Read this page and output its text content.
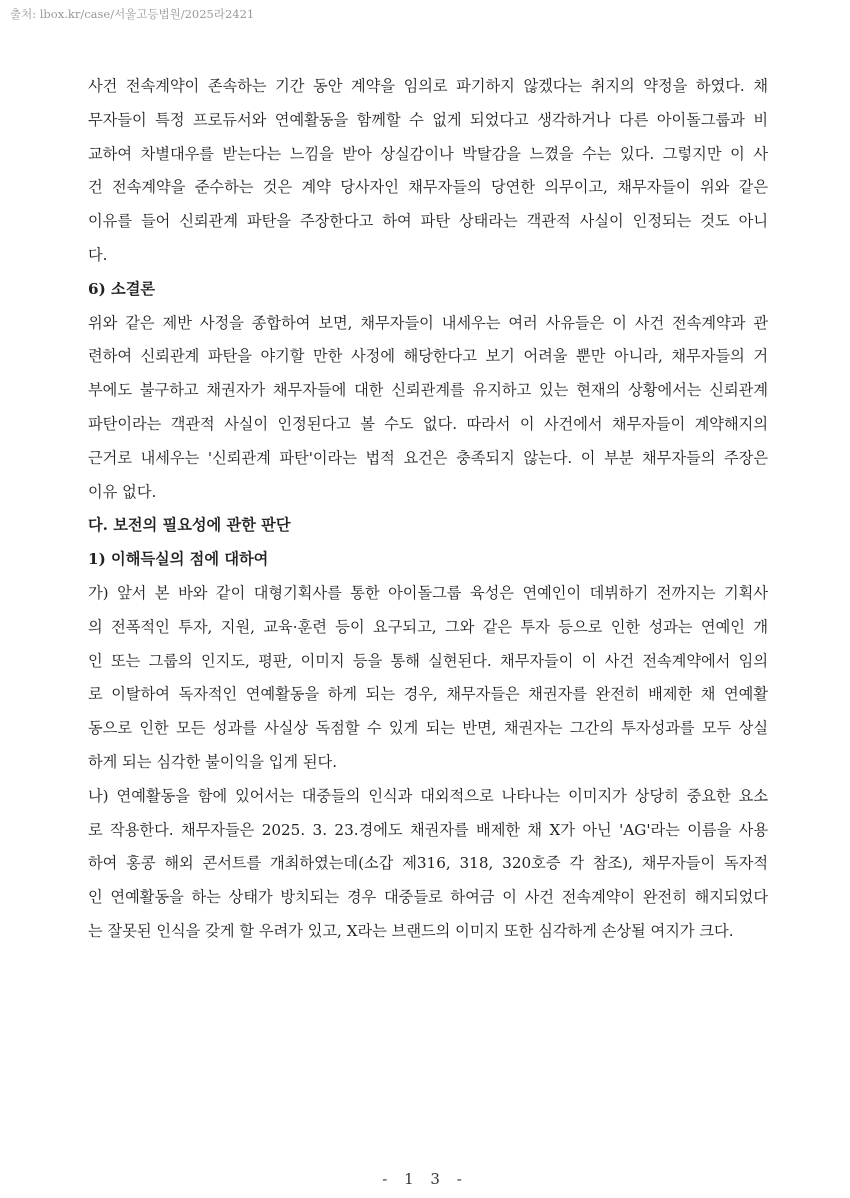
출처: lbox.kr/case/서울고등법원/2025라2421
사건 전속계약이 존속하는 기간 동안 계약을 임의로 파기하지 않겠다는 취지의 약정을 하였다. 채
무자들이 특정 프로듀서와 연예활동을 함께할 수 없게 되었다고 생각하거나 다른 아이돌그룹과 비
교하여 차별대우를 받는다는 느낌을 받아 상실감이나 박탈감을 느꼈을 수는 있다. 그렇지만 이 사
건 전속계약을 준수하는 것은 계약 당사자인 채무자들의 당연한 의무이고, 채무자들이 위와 같은
이유를 들어 신뢰관계 파탄을 주장한다고 하여 파탄 상태라는 객관적 사실이 인정되는 것도 아니
다.
6) 소결론
위와 같은 제반 사정을 종합하여 보면, 채무자들이 내세우는 여러 사유들은 이 사건 전속계약과 관
련하여 신뢰관계 파탄을 야기할 만한 사정에 해당한다고 보기 어려울 뿐만 아니라, 채무자들의 거
부에도 불구하고 채권자가 채무자들에 대한 신뢰관계를 유지하고 있는 현재의 상황에서는 신뢰관계
파탄이라는 객관적 사실이 인정된다고 볼 수도 없다. 따라서 이 사건에서 채무자들이 계약해지의
근거로 내세우는 '신뢰관계 파탄'이라는 법적 요건은 충족되지 않는다. 이 부분 채무자들의 주장은
이유 없다.
다. 보전의 필요성에 관한 판단
1) 이해득실의 점에 대하여
가) 앞서 본 바와 같이 대형기획사를 통한 아이돌그룹 육성은 연예인이 데뷔하기 전까지는 기획사
의 전폭적인 투자, 지원, 교육·훈련 등이 요구되고, 그와 같은 투자 등으로 인한 성과는 연예인 개
인 또는 그룹의 인지도, 평판, 이미지 등을 통해 실현된다. 채무자들이 이 사건 전속계약에서 임의
로 이탈하여 독자적인 연예활동을 하게 되는 경우, 채무자들은 채권자를 완전히 배제한 채 연예활
동으로 인한 모든 성과를 사실상 독점할 수 있게 되는 반면, 채권자는 그간의 투자성과를 모두 상실
하게 되는 심각한 불이익을 입게 된다.
나) 연예활동을 함에 있어서는 대중들의 인식과 대외적으로 나타나는 이미지가 상당히 중요한 요소
로 작용한다. 채무자들은 2025. 3. 23.경에도 채권자를 배제한 채 X가 아닌 'AG'라는 이름을 사용
하여 홍콩 해외 콘서트를 개최하였는데(소갑 제316, 318, 320호증 각 참조), 채무자들이 독자적
인 연예활동을 하는 상태가 방치되는 경우 대중들로 하여금 이 사건 전속계약이 완전히 해지되었다
는 잘못된 인식을 갖게 할 우려가 있고, X라는 브랜드의 이미지 또한 심각하게 손상될 여지가 크다.
- 1 3 -
